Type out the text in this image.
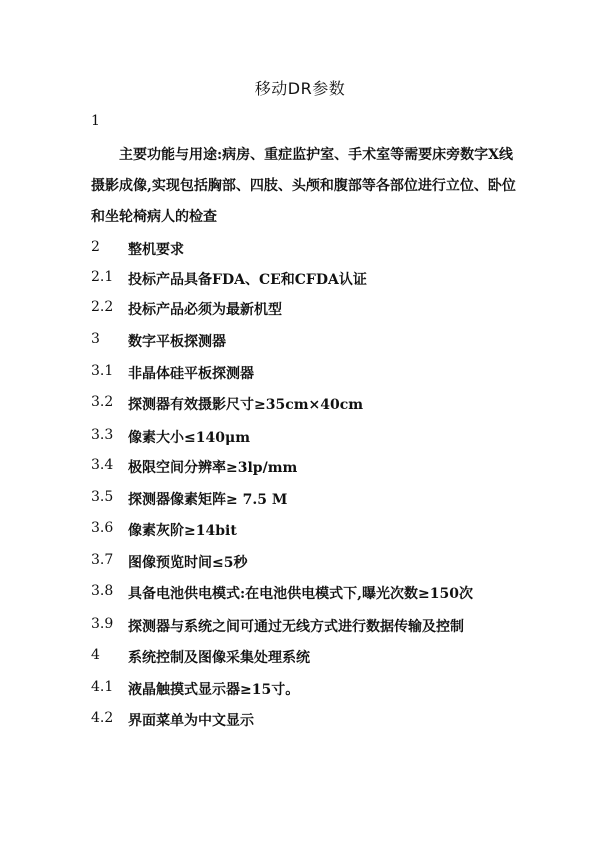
移动DR参数
1

主要功能与用途:病房、重症监护室、手术室等需要床旁数字X线摄影成像,实现包括胸部、四肢、头颅和腹部等各部位进行立位、卧位和坐轮椅病人的检查

2	整机要求
2.1	投标产品具备FDA、CE和CFDA认证
2.2	投标产品必须为最新机型
3	数字平板探测器
3.1	非晶体硅平板探测器
3.2	探测器有效摄影尺寸≥35cm×40cm
3.3	像素大小≤140μm
3.4	极限空间分辨率≥3lp/mm
3.5	探测器像素矩阵≥ 7.5 M
3.6	像素灰阶≥14bit
3.7	图像预览时间≤5秒
3.8	具备电池供电模式:在电池供电模式下,曝光次数≥150次
3.9	探测器与系统之间可通过无线方式进行数据传输及控制
4	系统控制及图像采集处理系统
4.1	液晶触摸式显示器≥15寸。
4.2	界面菜单为中文显示
